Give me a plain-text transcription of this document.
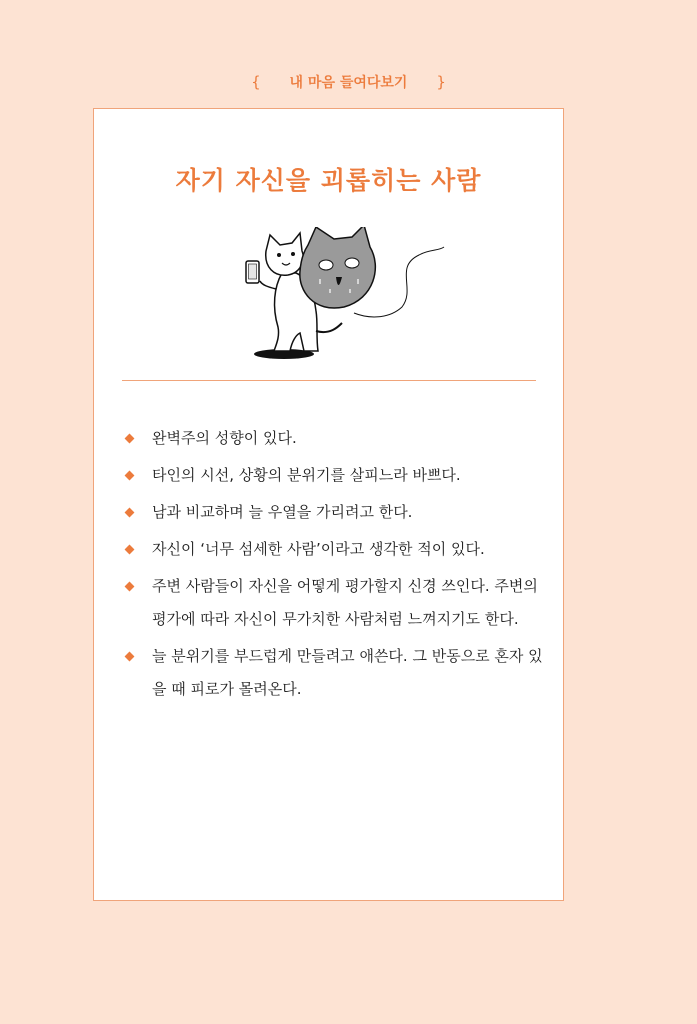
{ 내 마음 들여다보기 }
자기 자신을 괴롭히는 사람
완벽주의 성향이 있다.
타인의 시선, 상황의 분위기를 살피느라 바쁘다.
남과 비교하며 늘 우열을 가리려고 한다.
자신이 ‘너무 섬세한 사람’이라고 생각한 적이 있다.
주변 사람들이 자신을 어떻게 평가할지 신경 쓰인다. 주변의 평가에 따라 자신이 무가치한 사람처럼 느껴지기도 한다.
늘 분위기를 부드럽게 만들려고 애쓴다. 그 반동으로 혼자 있을 때 피로가 몰려온다.
